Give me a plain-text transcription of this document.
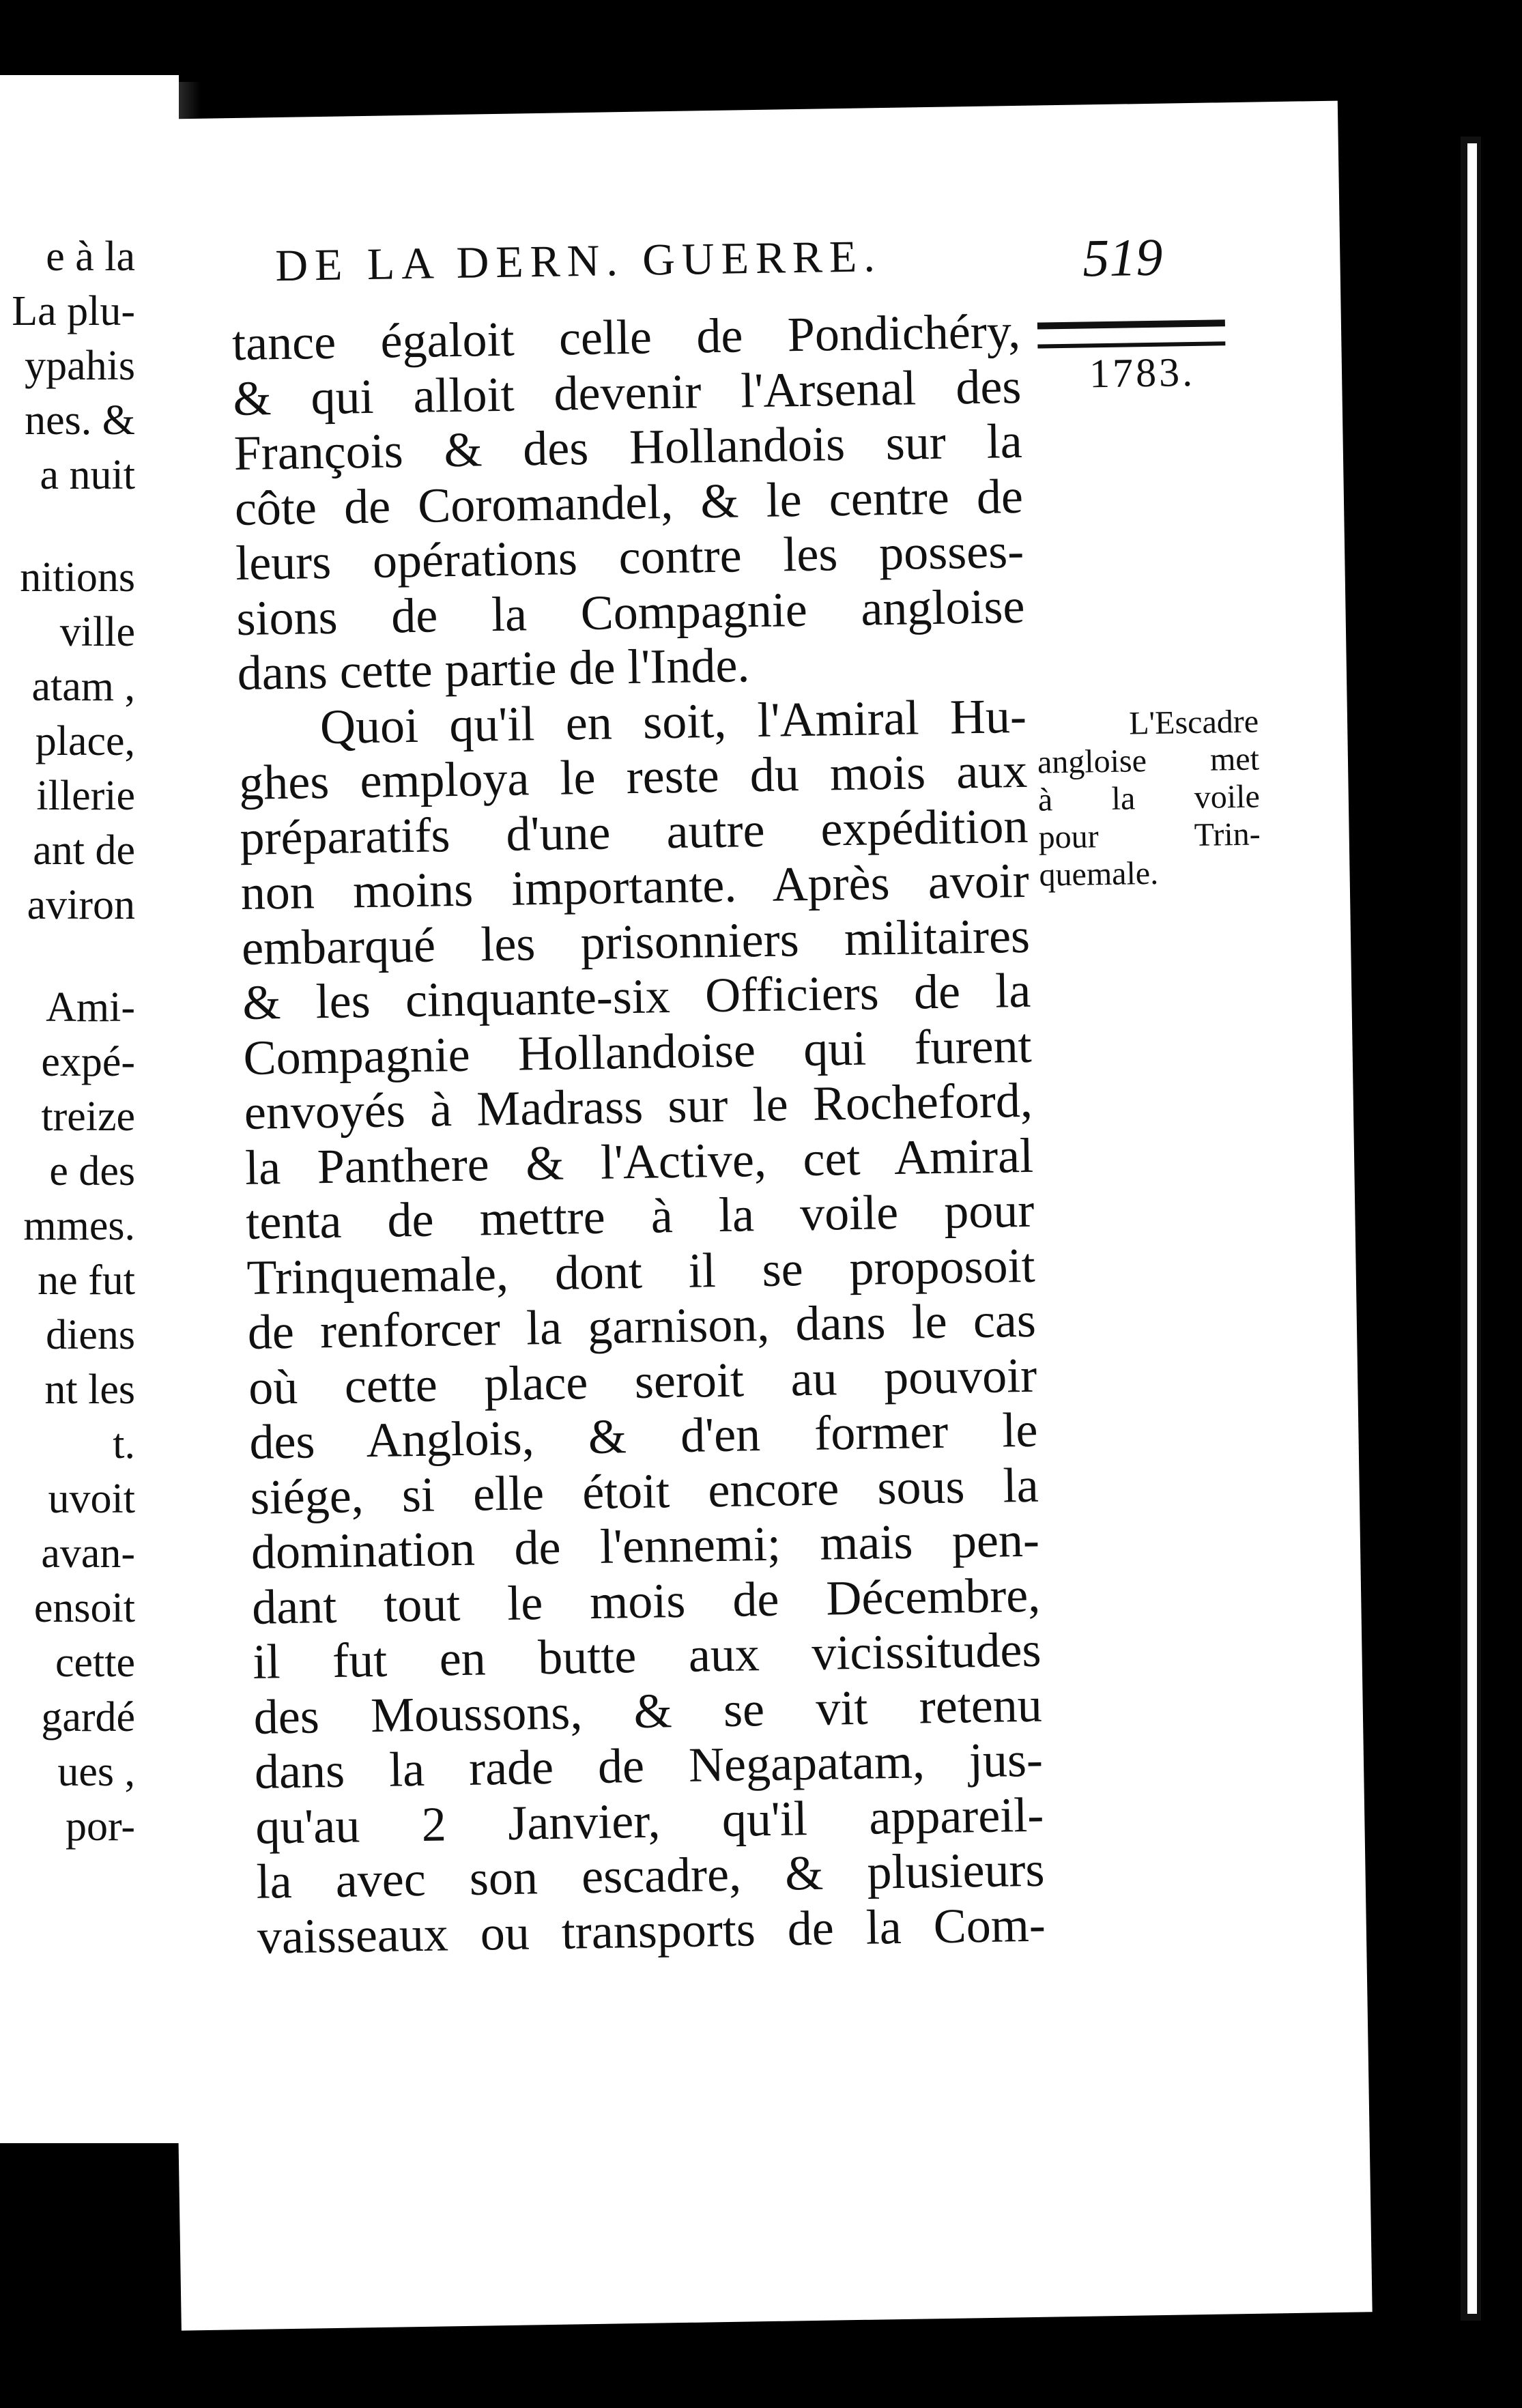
e à la
La plu-
ypahis
nes. &
a nuit
nitions
ville
atam ,
place,
illerie
ant de
aviron
Ami-
expé-
treize
e des
mmes.
ne fut
diens
nt les
t.
uvoit
avan-
ensoit
cette
gardé
ues ,
por-
DE LA DERN. GUERRE.	519
tance égaloit celle de Pondichéry,
& qui alloit devenir l'Arsenal des
François & des Hollandois sur la
côte de Coromandel, & le centre de
leurs opérations contre les posses-
sions de la Compagnie angloise
dans cette partie de l'Inde.
Quoi qu'il en soit, l'Amiral Hu-
ghes employa le reste du mois aux
préparatifs d'une autre expédition
non moins importante. Après avoir
embarqué les prisonniers militaires
& les cinquante-six Officiers de la
Compagnie Hollandoise qui furent
envoyés à Madrass sur le Rocheford,
la Panthere & l'Active, cet Amiral
tenta de mettre à la voile pour
Trinquemale, dont il se proposoit
de renforcer la garnison, dans le cas
où cette place seroit au pouvoir
des Anglois, & d'en former le
siége, si elle étoit encore sous la
domination de l'ennemi; mais pen-
dant tout le mois de Décembre,
il fut en butte aux vicissitudes
des Moussons, & se vit retenu
dans la rade de Negapatam, jus-
qu'au 2 Janvier, qu'il appareil-
la avec son escadre, & plusieurs
vaisseaux ou transports de la Com-
1783.
L'Escadre
angloise met
à la voile
pour Trin-
quemale.
